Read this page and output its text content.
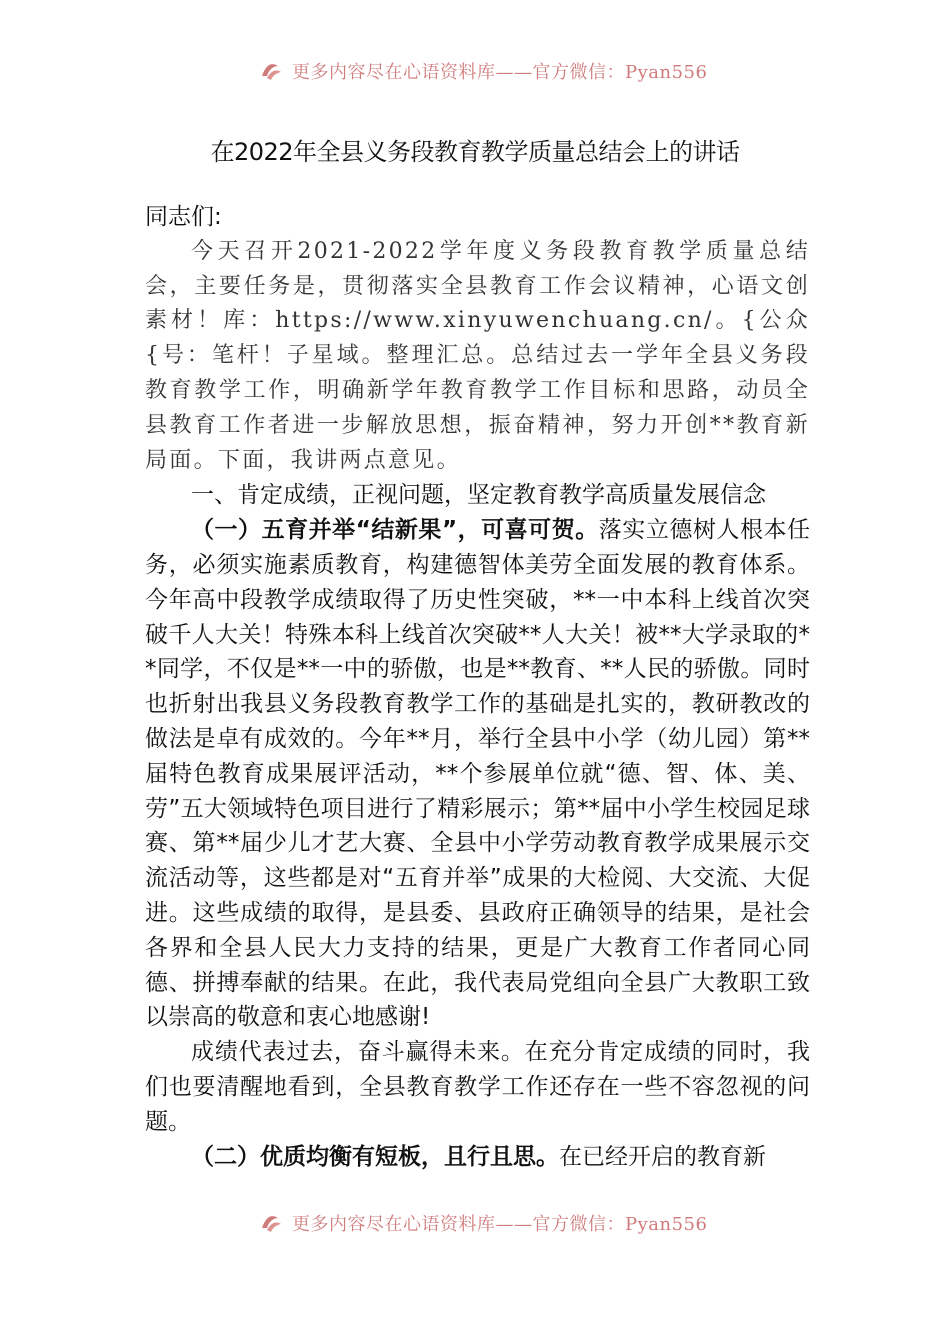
更多内容尽在心语资料库——官方微信：Pyan556
在2022年全县义务段教育教学质量总结会上的讲话

同志们:

今天召开2021-2022学年度义务段教育教学质量总结会，主要任务是，贯彻落实全县教育工作会议精神，心语文创素材！库：https://www.xinyuwenchuang.cn/。{公众{号：笔杆！子星域。整理汇总。总结过去一学年全县义务段教育教学工作，明确新学年教育教学工作目标和思路，动员全县教育工作者进一步解放思想，振奋精神，努力开创**教育新局面。下面，我讲两点意见。

一、肯定成绩，正视问题，坚定教育教学高质量发展信念

（一）五育并举“结新果”，可喜可贺。落实立德树人根本任务，必须实施素质教育，构建德智体美劳全面发展的教育体系。今年高中段教学成绩取得了历史性突破，**一中本科上线首次突破千人大关！特殊本科上线首次突破**人大关！被**大学录取的**同学，不仅是**一中的骄傲，也是**教育、**人民的骄傲。同时也折射出我县义务段教育教学工作的基础是扎实的，教研教改的做法是卓有成效的。今年**月，举行全县中小学（幼儿园）第**届特色教育成果展评活动，**个参展单位就“德、智、体、美、劳”五大领域特色项目进行了精彩展示；第**届中小学生校园足球赛、第**届少儿才艺大赛、全县中小学劳动教育教学成果展示交流活动等，这些都是对“五育并举”成果的大检阅、大交流、大促进。这些成绩的取得，是县委、县政府正确领导的结果，是社会各界和全县人民大力支持的结果，更是广大教育工作者同心同德、拼搏奉献的结果。在此，我代表局党组向全县广大教职工致以崇高的敬意和衷心地感谢!

成绩代表过去，奋斗赢得未来。在充分肯定成绩的同时，我们也要清醒地看到，全县教育教学工作还存在一些不容忽视的问题。

（二）优质均衡有短板，且行且思。在已经开启的教育新

更多内容尽在心语资料库——官方微信：Pyan556
